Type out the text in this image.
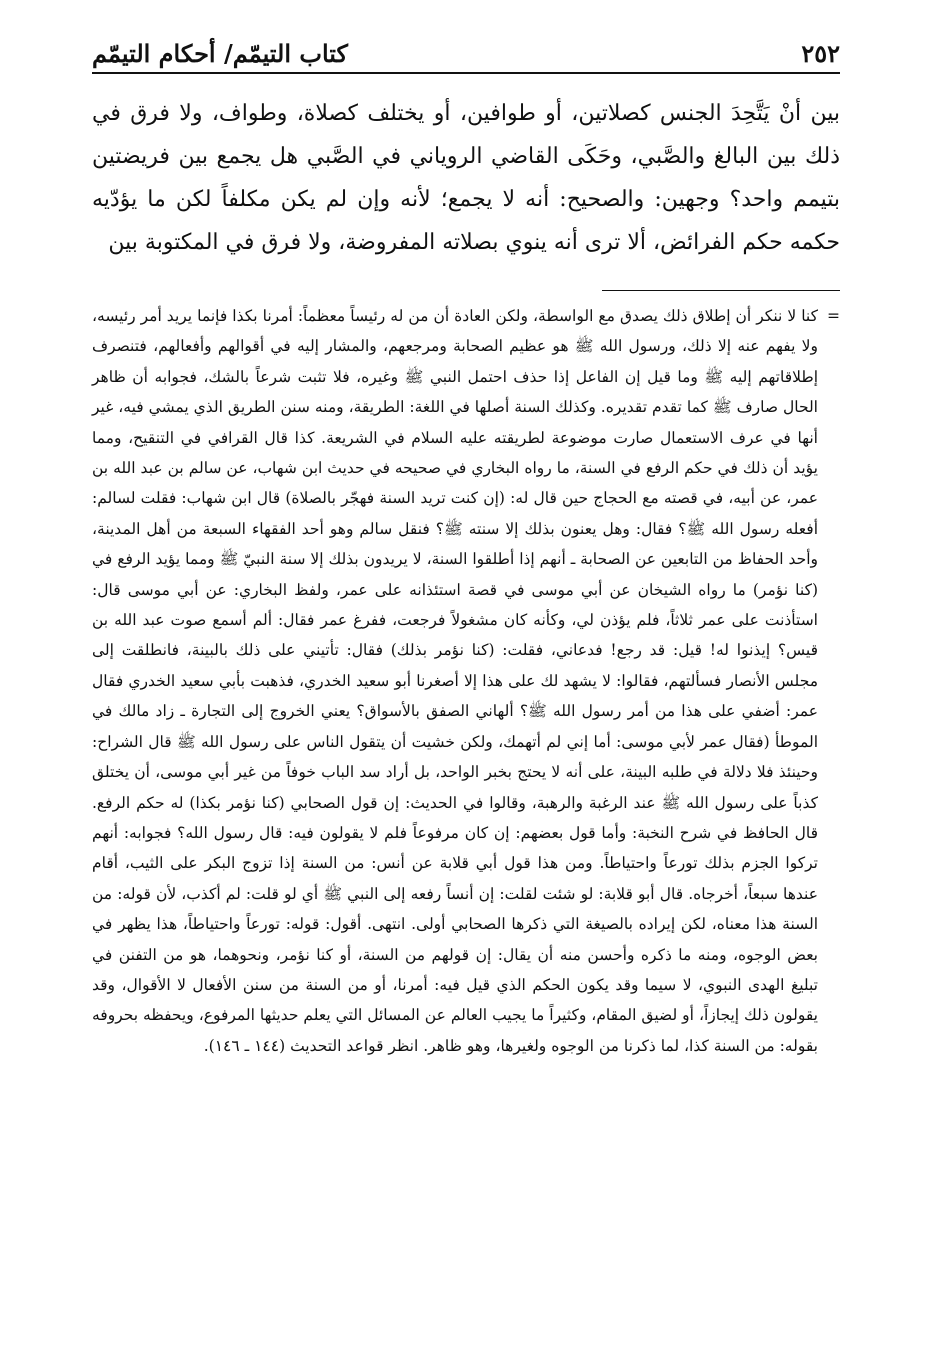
٢٥٢
كتاب التيمّم/ أحكام التيمّم

بين أنْ يَتَّحِدَ الجنس كصلاتين، أو طوافين، أو يختلف كصلاة، وطواف، ولا فرق في ذلك بين البالغ والصَّبي، وحَكَى القاضي الروياني في الصَّبي هل يجمع بين فريضتين بتيمم واحد؟ وجهين: والصحيح: أنه لا يجمع؛ لأنه وإن لم يكن مكلفاً لكن ما يؤدّيه حكمه حكم الفرائض، ألا ترى أنه ينوي بصلاته المفروضة، ولا فرق في المكتوبة بين

=

كنا لا ننكر أن إطلاق ذلك يصدق مع الواسطة، ولكن العادة أن من له رئيساً معظماً: أمرنا بكذا فإنما يريد أمر رئيسه، ولا يفهم عنه إلا ذلك، ورسول الله ﷺ هو عظيم الصحابة ومرجعهم، والمشار إليه في أقوالهم وأفعالهم، فتنصرف إطلاقاتهم إليه ﷺ وما قيل إن الفاعل إذا حذف احتمل النبي ﷺ وغيره، فلا تثبت شرعاً بالشك، فجوابه أن ظاهر الحال صارف ﷺ كما تقدم تقديره. وكذلك السنة أصلها في اللغة: الطريقة، ومنه سنن الطريق الذي يمشي فيه، غير أنها في عرف الاستعمال صارت موضوعة لطريقته عليه السلام في الشريعة. كذا قال القرافي في التنقيح، ومما يؤيد أن ذلك في حكم الرفع في السنة، ما رواه البخاري في صحيحه في حديث ابن شهاب، عن سالم بن عبد الله بن عمر، عن أبيه، في قصته مع الحجاج حين قال له: (إن كنت تريد السنة فهجّر بالصلاة) قال ابن شهاب: فقلت لسالم: أفعله رسول الله ﷺ؟ فقال: وهل يعنون بذلك إلا سنته ﷺ؟ فنقل سالم وهو أحد الفقهاء السبعة من أهل المدينة، وأحد الحفاظ من التابعين عن الصحابة ـ أنهم إذا أطلقوا السنة، لا يريدون بذلك إلا سنة النبيّ ﷺ ومما يؤيد الرفع في (كنا نؤمر) ما رواه الشيخان عن أبي موسى في قصة استئذانه على عمر، ولفظ البخاري: عن أبي موسى قال: استأذنت على عمر ثلاثاً، فلم يؤذن لي، وكأنه كان مشغولاً فرجعت، ففرغ عمر فقال: ألم أسمع صوت عبد الله بن قيس؟ إيذنوا له! قيل: قد رجع! فدعاني، فقلت: (كنا نؤمر بذلك) فقال: تأتيني على ذلك بالبينة، فانطلقت إلى مجلس الأنصار فسألتهم، فقالوا: لا يشهد لك على هذا إلا أصغرنا أبو سعيد الخدري، فذهبت بأبي سعيد الخدري فقال عمر: أضفي على هذا من أمر رسول الله ﷺ؟ ألهاني الصفق بالأسواق؟ يعني الخروج إلى التجارة ـ زاد مالك في الموطأ (فقال عمر لأبي موسى: أما إني لم أتهمك، ولكن خشيت أن يتقول الناس على رسول الله ﷺ قال الشراح: وحينئذ فلا دلالة في طلبه البينة، على أنه لا يحتج بخبر الواحد، بل أراد سد الباب خوفاً من غير أبي موسى، أن يختلق كذباً على رسول الله ﷺ عند الرغبة والرهبة، وقالوا في الحديث: إن قول الصحابي (كنا نؤمر بكذا) له حكم الرفع. قال الحافظ في شرح النخبة: وأما قول بعضهم: إن كان مرفوعاً فلم لا يقولون فيه: قال رسول الله؟ فجوابه: أنهم تركوا الجزم بذلك تورعاً واحتياطاً. ومن هذا قول أبي قلابة عن أنس: من السنة إذا تزوج البكر على الثيب، أقام عندها سبعاً، أخرجاه. قال أبو قلابة: لو شئت لقلت: إن أنساً رفعه إلى النبي ﷺ أي لو قلت: لم أكذب، لأن قوله: من السنة هذا معناه، لكن إيراده بالصيغة التي ذكرها الصحابي أولى. انتهى. أقول: قوله: تورعاً واحتياطاً، هذا يظهر في بعض الوجوه، ومنه ما ذكره وأحسن منه أن يقال: إن قولهم من السنة، أو كنا نؤمر، ونحوهما، هو من التفنن في تبليغ الهدى النبوي، لا سيما وقد يكون الحكم الذي قيل فيه: أمرنا، أو من السنة من سنن الأفعال لا الأقوال، وقد يقولون ذلك إيجازاً، أو لضيق المقام، وكثيراً ما يجيب العالم عن المسائل التي يعلم حديثها المرفوع، ويحفظه بحروفه بقوله: من السنة كذا، لما ذكرنا من الوجوه ولغيرها، وهو ظاهر. انظر قواعد التحديث (١٤٤ ـ ١٤٦).
